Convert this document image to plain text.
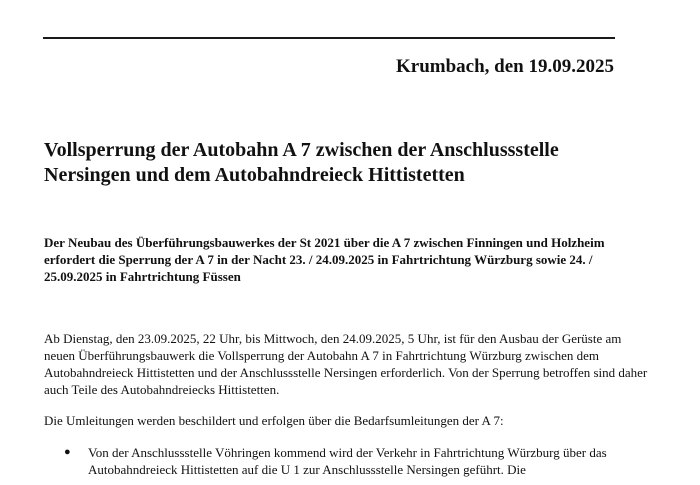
Krumbach, den 19.09.2025
Vollsperrung der Autobahn A 7 zwischen der Anschlussstelle
Nersingen und dem Autobahndreieck Hittistetten

Der Neubau des Überführungsbauwerkes der St 2021 über die A 7 zwischen Finningen und Holzheim erfordert die Sperrung der A 7 in der Nacht 23. / 24.09.2025 in Fahrtrichtung Würzburg sowie 24. / 25.09.2025 in Fahrtrichtung Füssen

Ab Dienstag, den 23.09.2025, 22 Uhr, bis Mittwoch, den 24.09.2025, 5 Uhr, ist für den Ausbau der Gerüste am neuen Überführungsbauwerk die Vollsperrung der Autobahn A 7 in Fahrtrichtung Würzburg zwischen dem Autobahndreieck Hittistetten und der Anschlussstelle Nersingen erforderlich. Von der Sperrung betroffen sind daher auch Teile des Autobahndreiecks Hittistetten.

Die Umleitungen werden beschildert und erfolgen über die Bedarfsumleitungen der A 7:

● Von der Anschlussstelle Vöhringen kommend wird der Verkehr in Fahrtrichtung Würzburg über das Autobahndreieck Hittistetten auf die U 1 zur Anschlussstelle Nersingen geführt. Die
